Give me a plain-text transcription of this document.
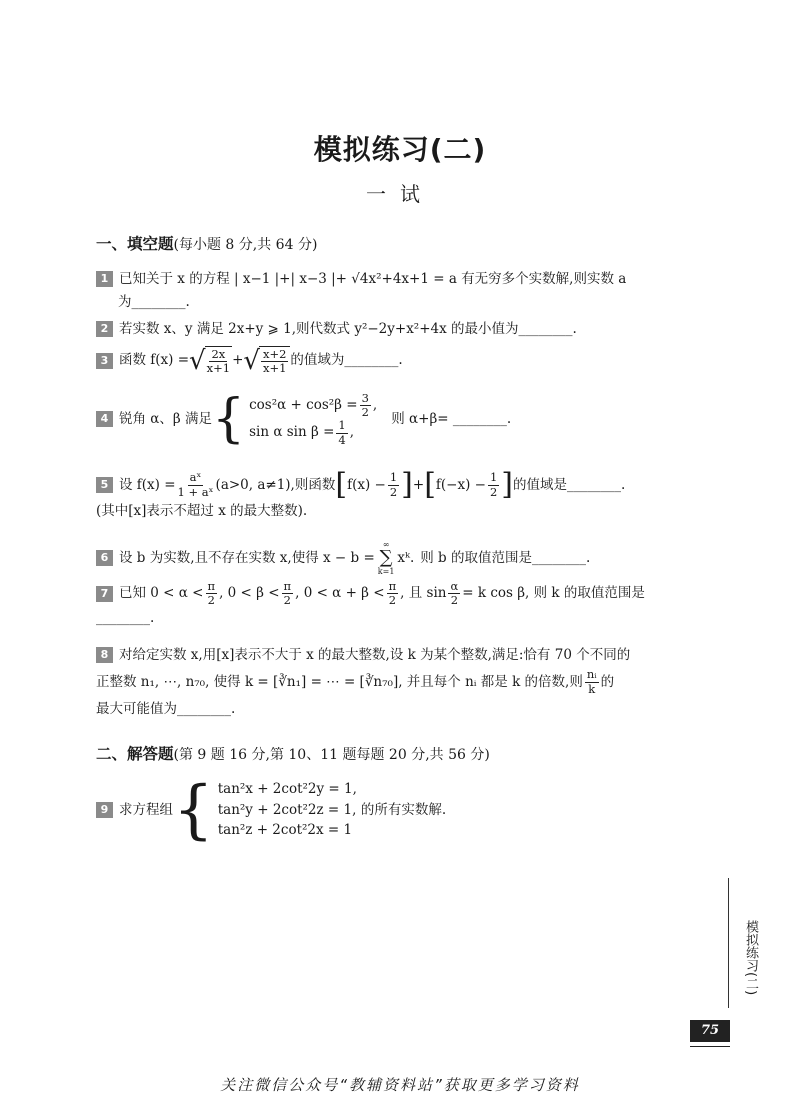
模拟练习(二)
一试
一、填空题(每小题 8 分,共 64 分)
1 已知关于 x 的方程 | x−1 |+| x−3 |+ √4x²+4x+1 = a 有无穷多个实数解,则实数 a
为________.
2 若实数 x、y 满足 2x+y ⩾ 1,则代数式 y²−2y+x²+4x 的最小值为________.
3 函数 f(x) = √ $\frac{2x}{x+1}$ + √ $\frac{x+2}{x+1}$ 的值域为________.
4 锐角 α、β 满足 { $\cos^2\alpha + \cos^2\beta = \frac{3}{2}$ ,
sin α $\sin \beta = \frac{1}{4}$ ,
则 α+β= ________.
5 设 $f(x) = \frac{\text{aˣ}}{\text{1 + aˣ}} (a>0$, a≠1),则函数 [ $f(x) - \frac{1}{2}$ ] + [ $f(-x) - \frac{1}{2}$ ] 的值域是________.
(其中[x]表示不超过 x 的最大整数).
6 设 b 为实数,且不存在实数 x,使得 x − b =
∞
∑
k=1
xᵏ. 则 b 的取值范围是________.
7 已知 $0 < \alpha < \frac{\pi}{2}$ , $0 < \beta < \frac{\pi}{2}$ , $0 < \alpha + \beta < \frac{\pi}{2}$ , 且 $\sin \frac{\alpha}{2} = k$ cos β, 则 k 的取值范围是
________.
8 对给定实数 x,用[x]表示不大于 x 的最大整数,设 k 为某个整数,满足:恰有 70 个不同的
正整数 n₁, ⋯, n₇₀, 使得 k = [∛n₁] = ⋯ = [∛n₇₀], 并且每个 nᵢ 都是 k 的倍数,则 $\frac{\text{nᵢ}}{k}$ 的
最大可能值为________.
二、解答题(第 9 题 16 分,第 10、11 题每题 20 分,共 56 分)
9 求方程组 { tan²x + 2cot²2y = 1,
tan²y + 2cot²2z = 1,
tan²z + 2cot²2x = 1
的所有实数解.
模拟练习(二)
75
关注微信公众号“教辅资料站”获取更多学习资料
